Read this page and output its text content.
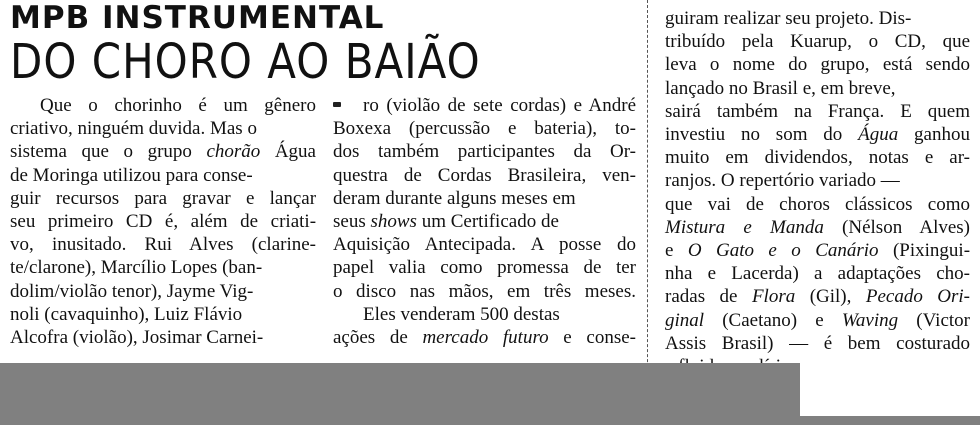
MPB INSTRUMENTAL
DO CHORO AO BAIÃO

Que o chorinho é um gênero

criativo, ninguém duvida. Mas o

sistema que o grupo chorão Água

de Moringa utilizou para conse-

guir recursos para gravar e lançar

seu primeiro CD é, além de criati-

vo, inusitado. Rui Alves (clarine-

te/clarone), Marcílio Lopes (ban-

dolim/violão tenor), Jayme Vig-

noli (cavaquinho), Luiz Flávio

Alcofra (violão), Josimar Carnei-

ro (violão de sete cordas) e André

Boxexa (percussão e bateria), to-

dos também participantes da Or-

questra de Cordas Brasileira, ven-

deram durante alguns meses em

seus shows um Certificado de

Aquisição Antecipada. A posse do

papel valia como promessa de ter

o disco nas mãos, em três meses.

Eles venderam 500 destas

ações de mercado futuro e conse-

guiram realizar seu projeto. Dis-

tribuído pela Kuarup, o CD, que

leva o nome do grupo, está sendo

lançado no Brasil e, em breve,

sairá também na França. E quem

investiu no som do Água ganhou

muito em dividendos, notas e ar-

ranjos. O repertório variado —

que vai de choros clássicos como

Mistura e Manda (Nélson Alves)

e O Gato e o Canário (Pixingui-

nha e Lacerda) a adaptações cho-

radas de Flora (Gil), Pecado Ori-

ginal (Caetano) e Waving (Victor

Assis Brasil) — é bem costurado
